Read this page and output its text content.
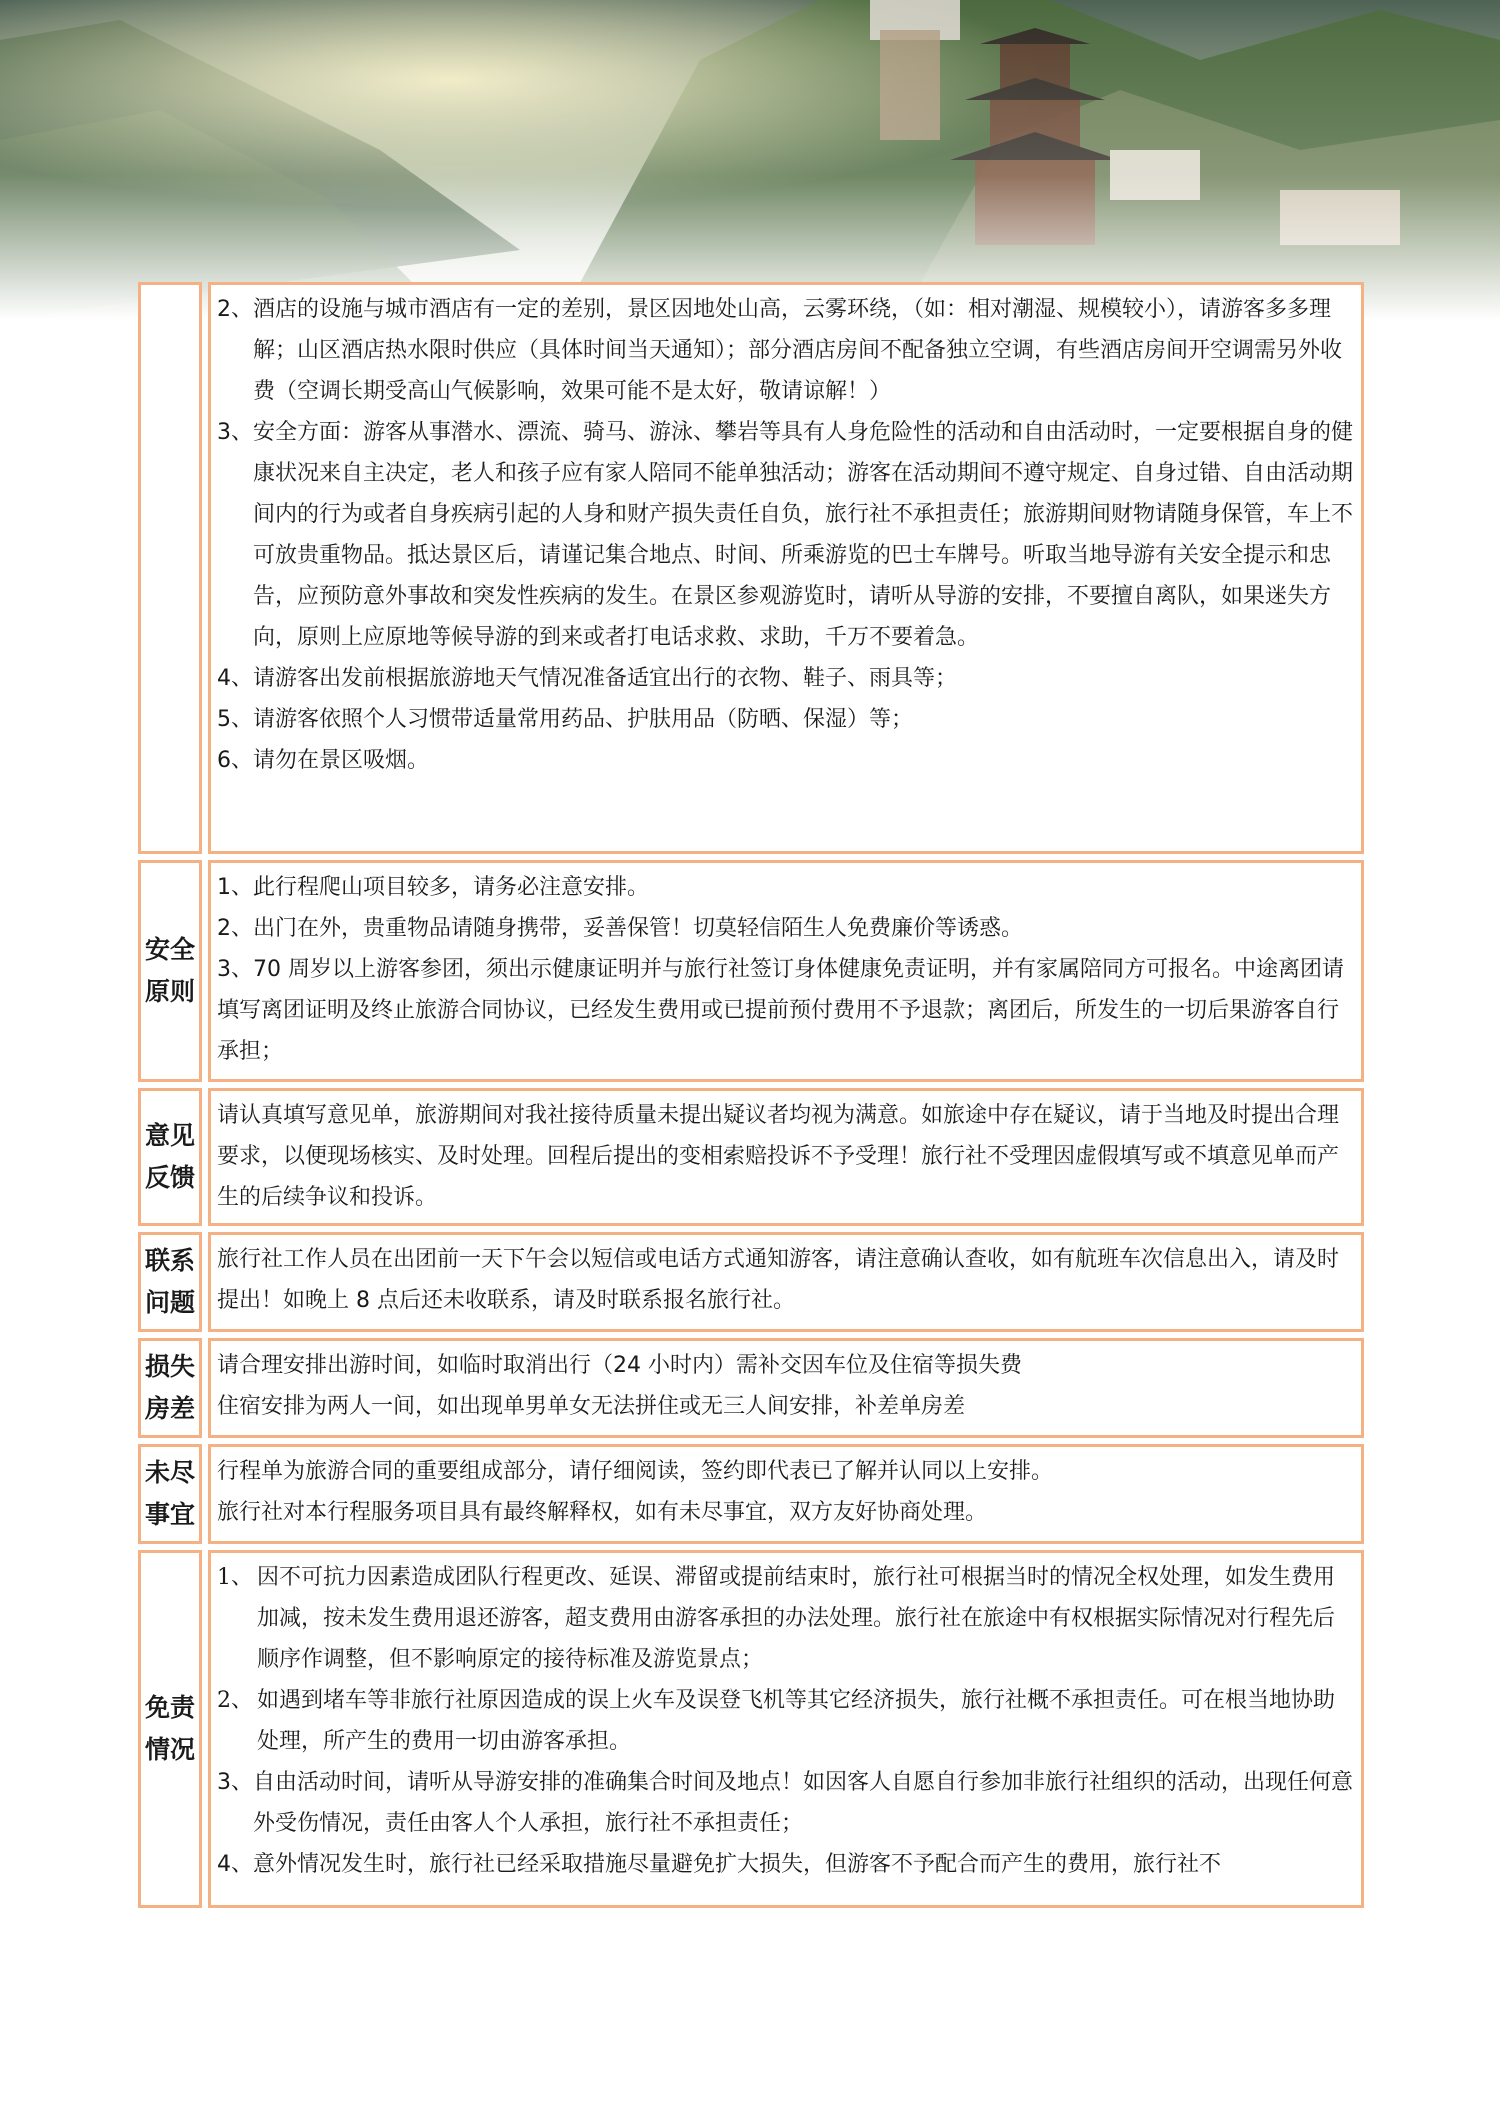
2、 酒店的设施与城市酒店有一定的差别，景区因地处山高，云雾环绕，（如：相对潮湿、规模较小），请游客多多理解；山区酒店热水限时供应（具体时间当天通知）；部分酒店房间不配备独立空调，有些酒店房间开空调需另外收费（空调长期受高山气候影响，效果可能不是太好，敬请谅解！）
3、 安全方面：游客从事潜水、漂流、骑马、游泳、攀岩等具有人身危险性的活动和自由活动时，一定要根据自身的健康状况来自主决定，老人和孩子应有家人陪同不能单独活动；游客在活动期间不遵守规定、自身过错、自由活动期间内的行为或者自身疾病引起的人身和财产损失责任自负，旅行社不承担责任；旅游期间财物请随身保管，车上不可放贵重物品。抵达景区后，请谨记集合地点、时间、所乘游览的巴士车牌号。听取当地导游有关安全提示和忠告，应预防意外事故和突发性疾病的发生。在景区参观游览时，请听从导游的安排，不要擅自离队，如果迷失方向，原则上应原地等候导游的到来或者打电话求救、求助，千万不要着急。
4、 请游客出发前根据旅游地天气情况准备适宜出行的衣物、鞋子、雨具等；
5、 请游客依照个人习惯带适量常用药品、护肤用品（防晒、保湿）等；
6、 请勿在景区吸烟。
安全原则

1、此行程爬山项目较多，请务必注意安排。

2、出门在外，贵重物品请随身携带，妥善保管！切莫轻信陌生人免费廉价等诱惑。

3、70 周岁以上游客参团，须出示健康证明并与旅行社签订身体健康免责证明，并有家属陪同方可报名。中途离团请填写离团证明及终止旅游合同协议，已经发生费用或已提前预付费用不予退款；离团后，所发生的一切后果游客自行承担；

意见反馈

请认真填写意见单，旅游期间对我社接待质量未提出疑议者均视为满意。如旅途中存在疑议，请于当地及时提出合理要求，以便现场核实、及时处理。回程后提出的变相索赔投诉不予受理！旅行社不受理因虚假填写或不填意见单而产生的后续争议和投诉。

联系问题

旅行社工作人员在出团前一天下午会以短信或电话方式通知游客，请注意确认查收，如有航班车次信息出入，请及时提出！如晚上 8 点后还未收联系，请及时联系报名旅行社。

损失房差

请合理安排出游时间，如临时取消出行（24 小时内）需补交因车位及住宿等损失费

住宿安排为两人一间，如出现单男单女无法拼住或无三人间安排，补差单房差

未尽事宜

行程单为旅游合同的重要组成部分，请仔细阅读，签约即代表已了解并认同以上安排。

旅行社对本行程服务项目具有最终解释权，如有未尽事宜，双方友好协商处理。

免责情况
1、 因不可抗力因素造成团队行程更改、延误、滞留或提前结束时，旅行社可根据当时的情况全权处理，如发生费用加减，按未发生费用退还游客，超支费用由游客承担的办法处理。旅行社在旅途中有权根据实际情况对行程先后顺序作调整，但不影响原定的接待标准及游览景点；
2、 如遇到堵车等非旅行社原因造成的误上火车及误登飞机等其它经济损失，旅行社概不承担责任。可在根当地协助处理，所产生的费用一切由游客承担。
3、 自由活动时间，请听从导游安排的准确集合时间及地点！如因客人自愿自行参加非旅行社组织的活动，出现任何意外受伤情况，责任由客人个人承担，旅行社不承担责任；
4、 意外情况发生时，旅行社已经采取措施尽量避免扩大损失，但游客不予配合而产生的费用，旅行社不
